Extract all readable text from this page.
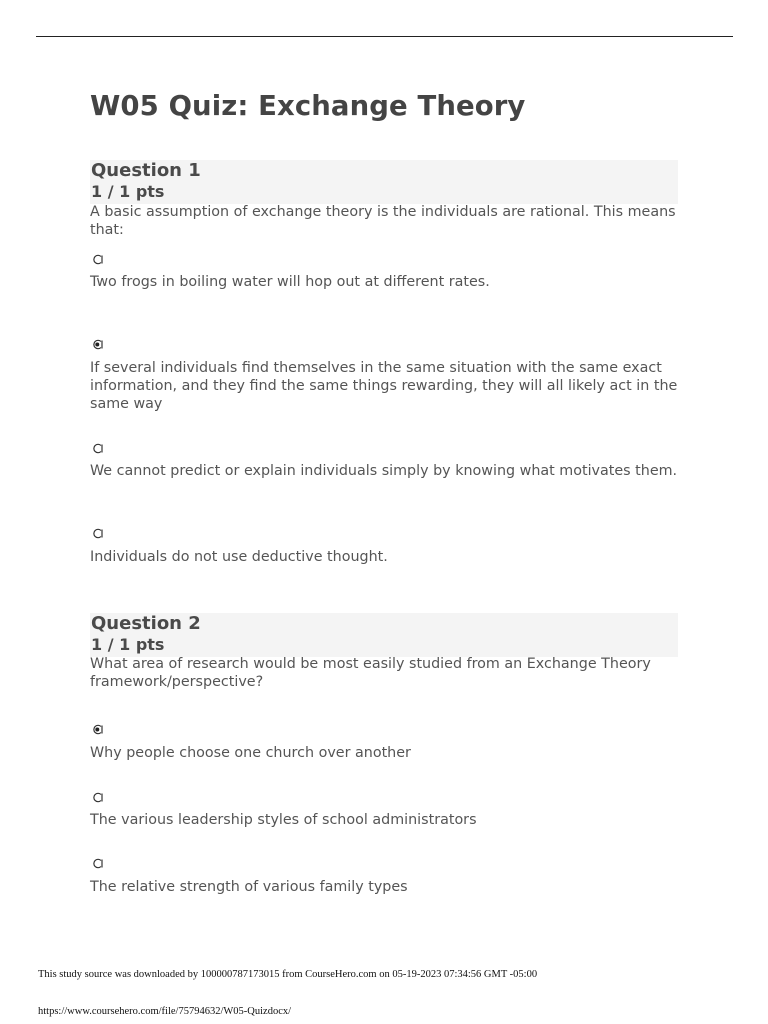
W05 Quiz: Exchange Theory
Question 1
1 / 1 pts
A basic assumption of exchange theory is the individuals are rational. This means that:
Two frogs in boiling water will hop out at different rates.
If several individuals find themselves in the same situation with the same exact information, and they find the same things rewarding, they will all likely act in the same way
We cannot predict or explain individuals simply by knowing what motivates them.
Individuals do not use deductive thought.
Question 2
1 / 1 pts
What area of research would be most easily studied from an Exchange Theory framework/perspective?
Why people choose one church over another
The various leadership styles of school administrators
The relative strength of various family types
This study source was downloaded by 100000787173015 from CourseHero.com on 05-19-2023 07:34:56 GMT -05:00
https://www.coursehero.com/file/75794632/W05-Quizdocx/
